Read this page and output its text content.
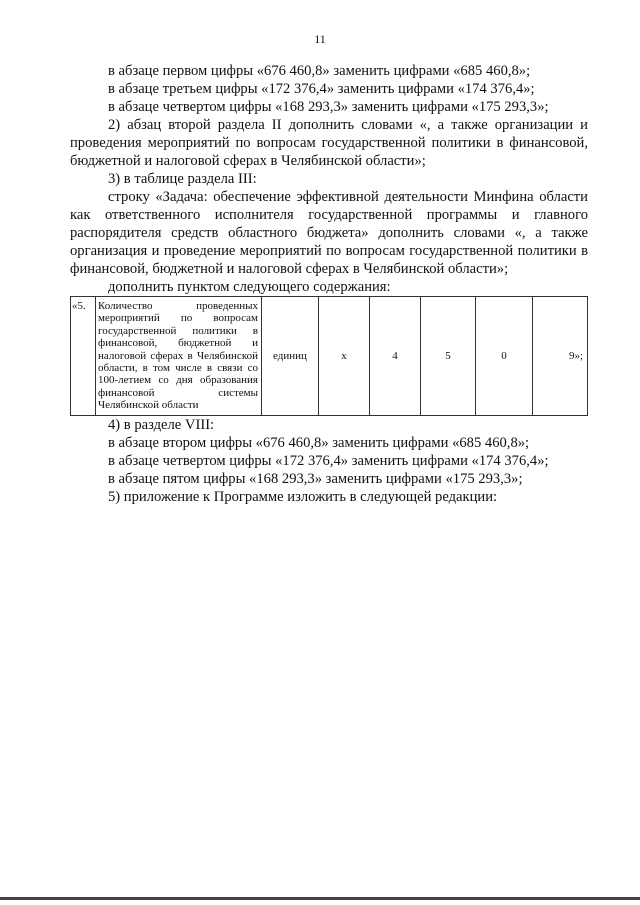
11

в абзаце первом цифры «676 460,8» заменить цифрами «685 460,8»;

в абзаце третьем цифры «172 376,4» заменить цифрами «174 376,4»;

в абзаце четвертом цифры «168 293,3» заменить цифрами «175 293,3»;

2) абзац второй раздела II дополнить словами «, а также организации и проведения мероприятий по вопросам государственной политики в финансовой, бюджетной и налоговой сферах в Челябинской области»;

3) в таблице раздела III:

строку «Задача: обеспечение эффективной деятельности Минфина области как ответственного исполнителя государственной программы и главного распорядителя средств областного бюджета» дополнить словами «, а также организация и проведение мероприятий по вопросам государственной политики в финансовой, бюджетной и налоговой сферах в Челябинской области»;

дополнить пунктом следующего содержания:

«5.	Количество проведенных мероприятий по вопросам государственной политики в финансовой, бюджетной и налоговой сферах в Челябинской области, в том числе в связи со 100-летием со дня образования финансовой системы Челябинской области	единиц	х	4	5	0	9»;

4) в разделе VIII:

в абзаце втором цифры «676 460,8» заменить цифрами «685 460,8»;

в абзаце четвертом цифры «172 376,4» заменить цифрами «174 376,4»;

в абзаце пятом цифры «168 293,3» заменить цифрами «175 293,3»;

5) приложение к Программе изложить в следующей редакции:
